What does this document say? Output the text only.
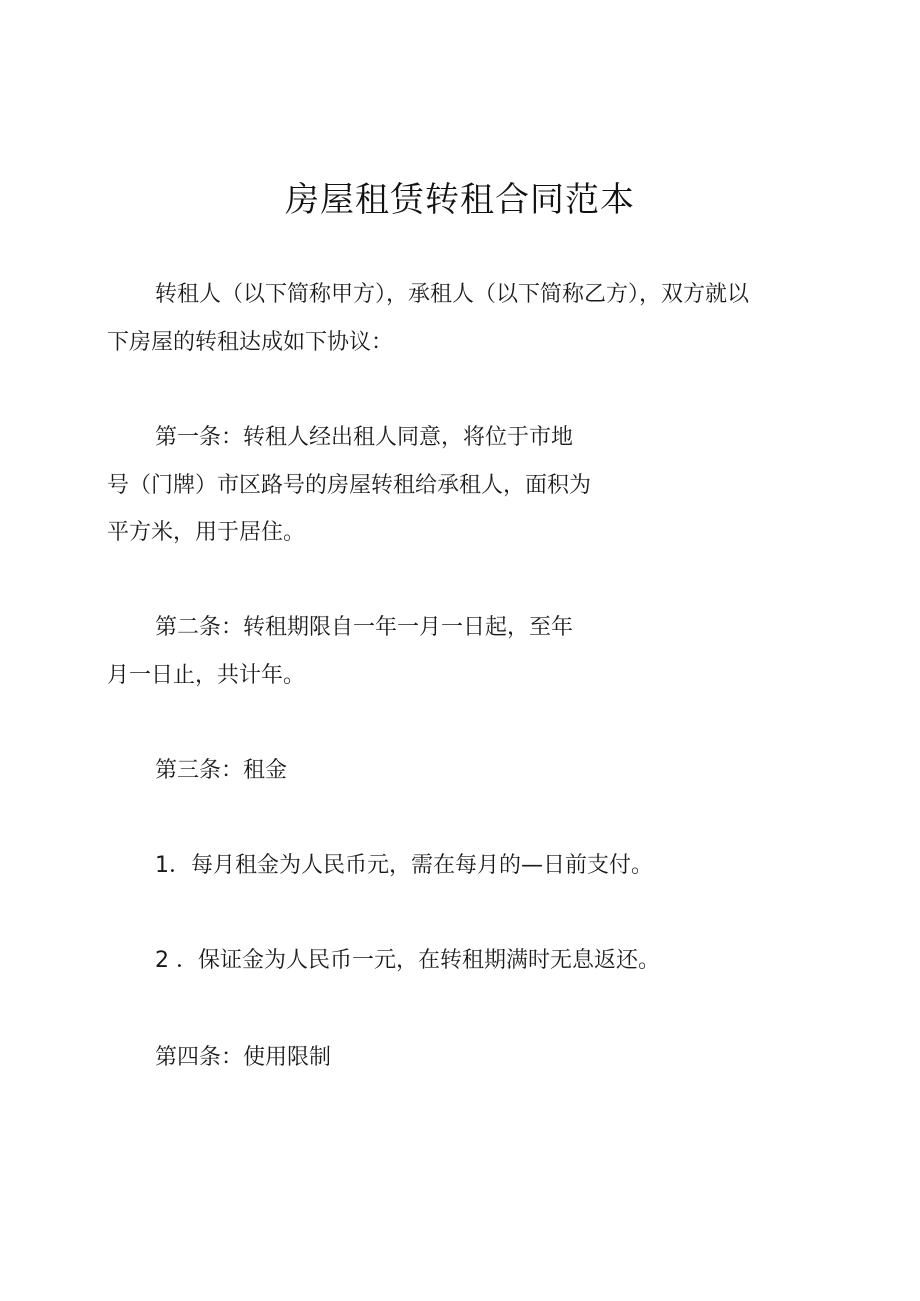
房屋租赁转租合同范本
转租人（以下简称甲方），承租人（以下简称乙方），双方就以
下房屋的转租达成如下协议：
第一条：转租人经出租人同意，将位于市地
号（门牌）市区路号的房屋转租给承租人，面积为
平方米，用于居住。
第二条：转租期限自一年一月一日起，至年
月一日止，共计年。
第三条：租金
1．每月租金为人民币元，需在每月的—日前支付。
2 ．保证金为人民币一元，在转租期满时无息返还。
第四条：使用限制
